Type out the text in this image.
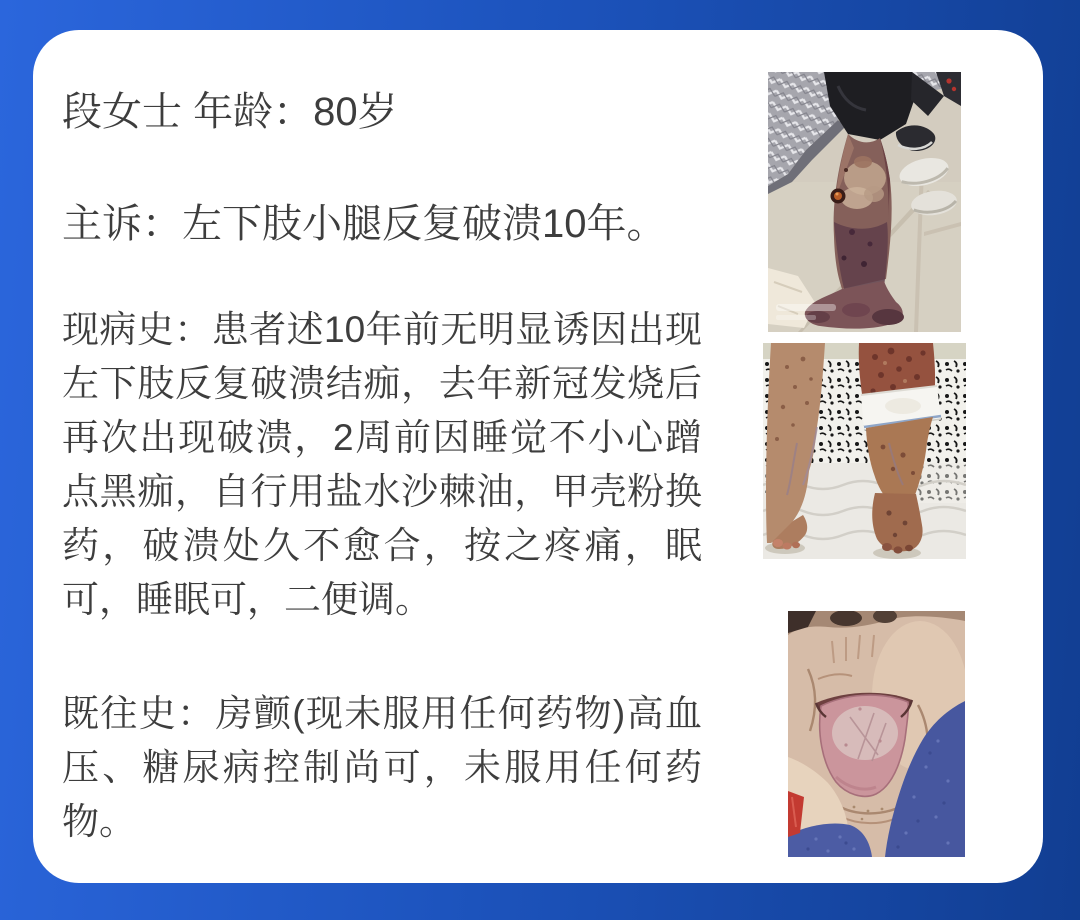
段女士 年龄：80岁
主诉：左下肢小腿反复破溃10年。
现病史：患者述10年前无明显诱因出现
左下肢反复破溃结痂，去年新冠发烧后
再次出现破溃，2周前因睡觉不小心蹭
点黑痂，自行用盐水沙棘油，甲壳粉换
药，破溃处久不愈合，按之疼痛，眠
可，睡眠可，二便调。
既往史：房颤(现未服用任何药物)高血
压、糖尿病控制尚可，未服用任何药
物。
